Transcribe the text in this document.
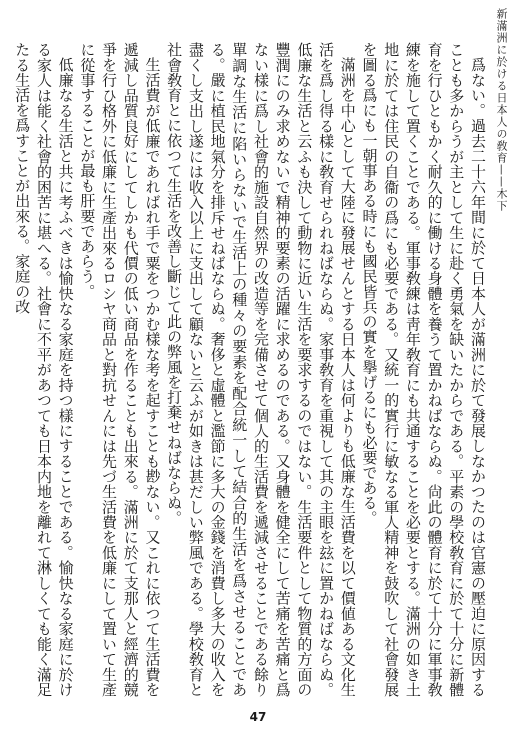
新滿洲に於ける日本人の敎育——木下

爲ない。過去二十六年間に於て日本人が滿洲に於て發展しなかつたのは官憲の壓迫に原因することも多からうが主として生に赴く勇氣を缺いたからである。平素の學校敎育に於て十分に新體育を行ひともかく耐久的に働ける身體を養うて置かねばならぬ。尙此の體育に於て十分に軍事敎練を施して置くことである。軍事敎練は靑年敎育にも共通することを必要とする。滿洲の如き土地に於ては住民の自衞の爲にも必要である。又統一的實行に敏なる軍人精神を鼓吹して社會發展を圖る爲にも一朝事ある時にも國民皆兵の實を擧げるにも必要である。

滿洲を中心として大陸に發展せんとする日本人は何よりも低廉な生活費を以て價値ある文化生活を爲し得る樣に敎育せられねばならぬ。家事敎育を重視して其の主眼を玆に置かねばならぬ。低廉な生活と云ふも決して動物に近い生活を要求するのではない。生活要件として物質的方面の豐潤にのみ求めないで精神的要素の活躍に求めるのである。又身體を健全にして苦痛を苦痛と爲ない樣に爲し社會的施設自然界の改造等を完備させて個人的生活費を遞減させることである餘り單調な生活に陷いらないで生活上の種々の要素を配合統一して結合的生活を爲させることである。嚴に植民地氣分を排斥せねばならぬ。奢侈と虛體と濫節に多大の金錢を消費し多大の收入を盡くし支出し遂には收入以上に支出して顧ないと云ふが如きは甚だしい弊風である。學校敎育と社會敎育とに依つて生活を改善し斷じて此の弊風を打棄せねばならぬ。

生活費が低廉であればれ手で粟をつかむ樣な考を起すことも尠ない。又これに依つて生活費を遞減し品質良好にしてしかも代價の低い商品を作ることも出來る。滿洲に於て支那人と經濟的競爭を行ひ格外に低廉に生產出來るロシヤ商品と對抗せんには先づ生活費を低廉にして置いて生產に從事することが最も肝要であらう。

低廉なる生活と共に考ふべきは愉快なる家庭を持つ樣にすることである。愉快なる家庭に於ける家人は能く社會的困苦に堪へる。社會に不平があつても日本内地を離れて淋しくても能く滿足たる生活を爲すことが出來る。家庭の改

47
